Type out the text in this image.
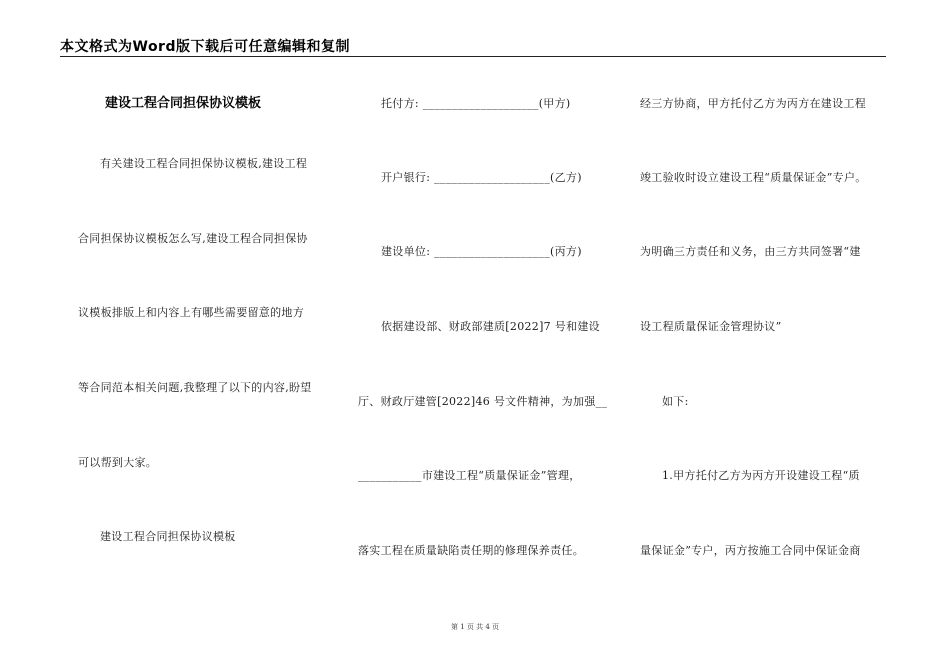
本文格式为Word版下载后可任意编辑和复制
建设工程合同担保协议模板
有关建设工程合同担保协议模板,建设工程
合同担保协议模板怎么写,建设工程合同担保协
议模板排版上和内容上有哪些需要留意的地方
等合同范本相关问题,我整理了以下的内容,盼望
可以帮到大家。
建设工程合同担保协议模板
托付方: ____________________(甲方)
开户银行: ____________________(乙方)
建设单位: ____________________(丙方)
依据建设部、财政部建质[2022]7 号和建设
厅、财政厅建管[2022]46 号文件精神，为加强__
___________市建设工程“质量保证金”管理，
落实工程在质量缺陷责任期的修理保养责任。
经三方协商，甲方托付乙方为丙方在建设工程
竣工验收时设立建设工程“质量保证金”专户。
为明确三方责任和义务，由三方共同签署“建
设工程质量保证金管理协议”
如下:
1.甲方托付乙方为丙方开设建设工程“质
量保证金”专户，丙方按施工合同中保证金商
第 1 页 共 4 页
